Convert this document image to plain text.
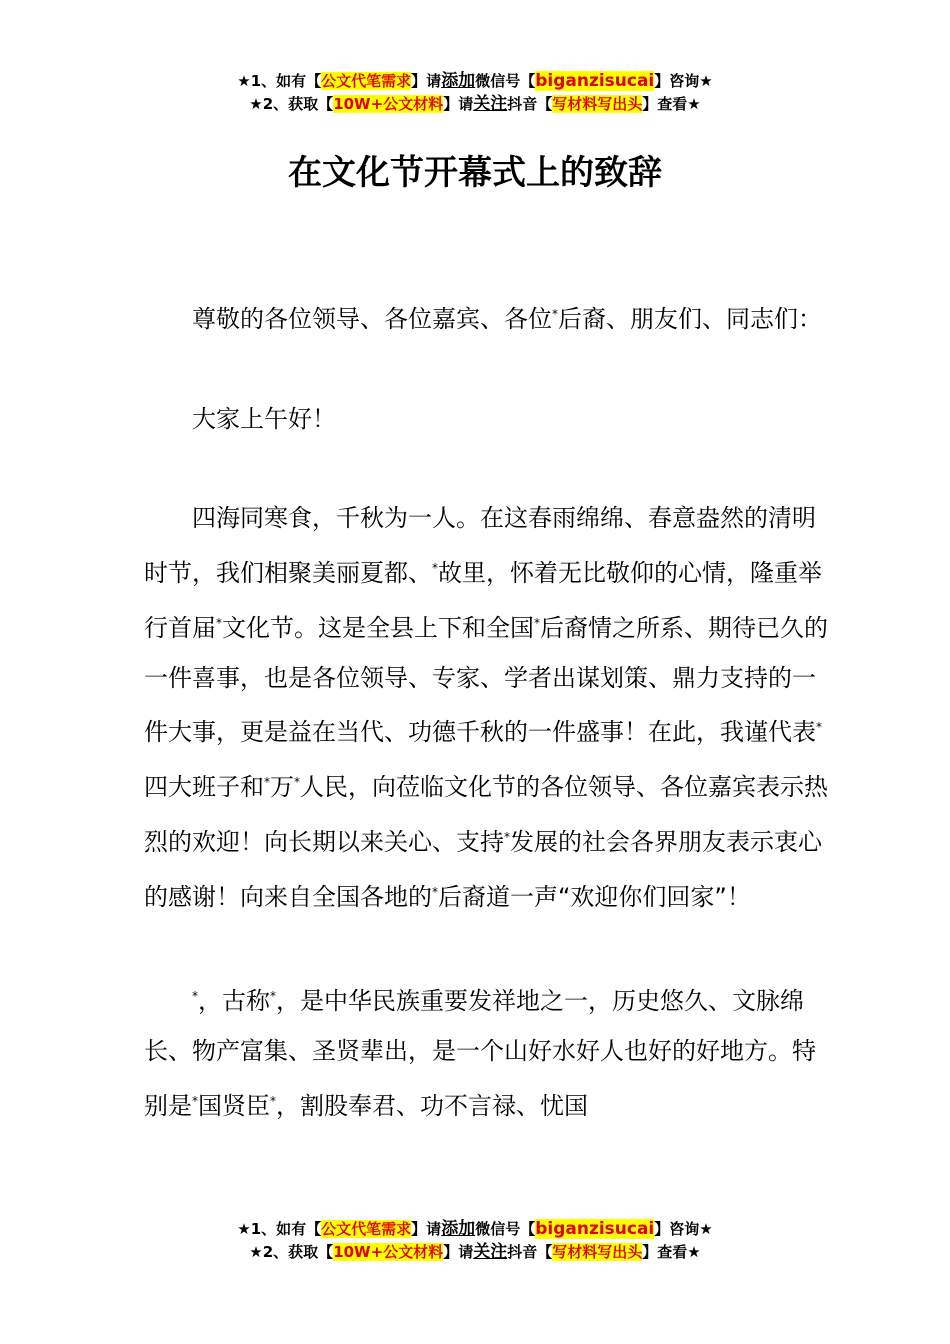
★1、如有【公文代笔需求】请添加微信号【biganzisucai】咨询★
★2、获取【10W+公文材料】请关注抖音【写材料写出头】查看★
在文化节开幕式上的致辞

尊敬的各位领导、各位嘉宾、各位*后裔、朋友们、同志们：

大家上午好！

四海同寒食，千秋为一人。在这春雨绵绵、春意盎然的清明时节，我们相聚美丽夏都、*故里，怀着无比敬仰的心情，隆重举行首届*文化节。这是全县上下和全国*后裔情之所系、期待已久的一件喜事，也是各位领导、专家、学者出谋划策、鼎力支持的一件大事，更是益在当代、功德千秋的一件盛事！在此，我谨代表*四大班子和*万*人民，向莅临文化节的各位领导、各位嘉宾表示热烈的欢迎！向长期以来关心、支持*发展的社会各界朋友表示衷心的感谢！向来自全国各地的*后裔道一声“欢迎你们回家”！

*，古称*，是中华民族重要发祥地之一，历史悠久、文脉绵长、物产富集、圣贤辈出，是一个山好水好人也好的好地方。特别是*国贤臣*，割股奉君、功不言禄、忧国

★1、如有【公文代笔需求】请添加微信号【biganzisucai】咨询★
★2、获取【10W+公文材料】请关注抖音【写材料写出头】查看★
